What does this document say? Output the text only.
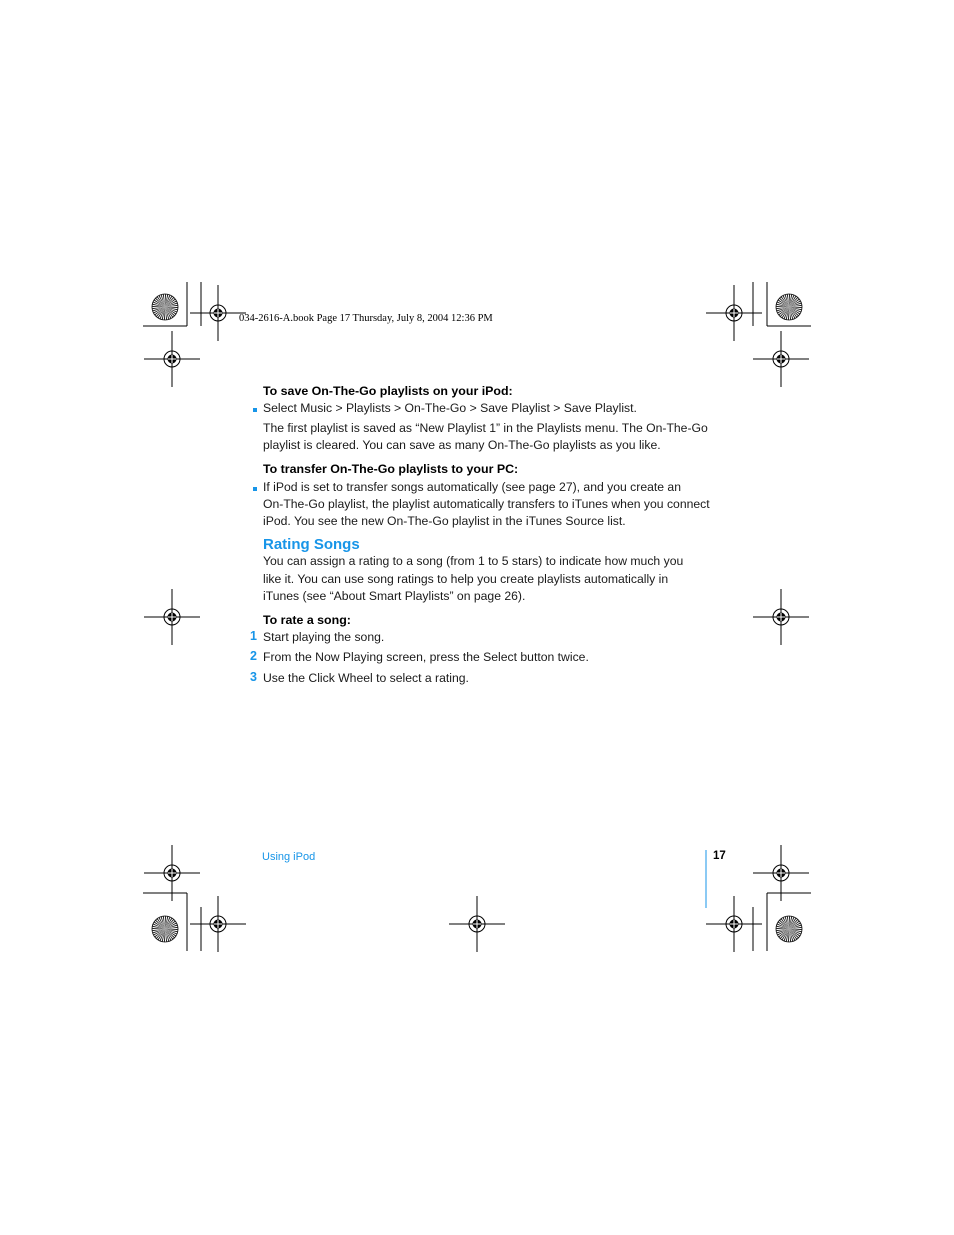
034-2616-A.book Page 17 Thursday, July 8, 2004 12:36 PM
To save On-The-Go playlists on your iPod:
Select Music > Playlists > On-The-Go > Save Playlist > Save Playlist.
The first playlist is saved as “New Playlist 1” in the Playlists menu. The On-The-Go
playlist is cleared. You can save as many On-The-Go playlists as you like.
To transfer On-The-Go playlists to your PC:
If iPod is set to transfer songs automatically (see page 27), and you create an
On-The-Go playlist, the playlist automatically transfers to iTunes when you connect
iPod. You see the new On-The-Go playlist in the iTunes Source list.
Rating Songs
You can assign a rating to a song (from 1 to 5 stars) to indicate how much you
like it. You can use song ratings to help you create playlists automatically in
iTunes (see “About Smart Playlists” on page 26).
To rate a song:
1 Start playing the song.
2 From the Now Playing screen, press the Select button twice.
3 Use the Click Wheel to select a rating.
Using iPod	17
